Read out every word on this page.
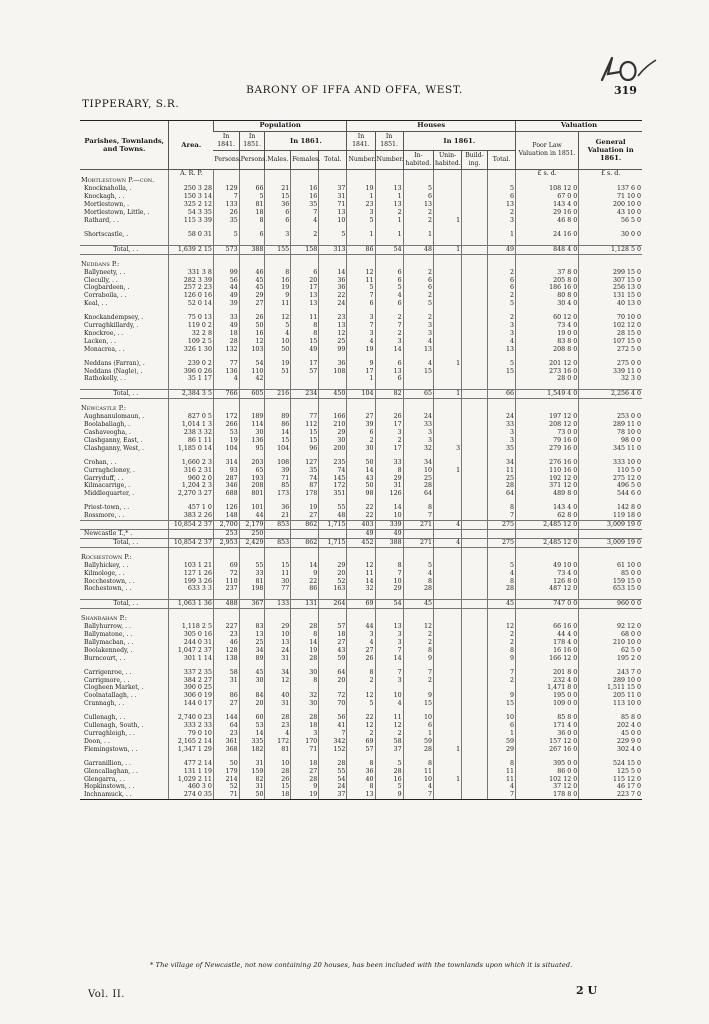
319
BARONY OF IFFA AND OFFA, WEST.
TIPPERARY, S.R.
Parishes, Townlands, and Towns.	Area.	Population					Houses						Valuation	
		In 1841.	In 1851.	In 1861.			In 1841.	In 1851.	In 1861.				Poor Law Valuation in 1851.	General Valuation in 1861.
		Persons.	Persons.	Males.	Females.	Total.	Number.	Number.	In- habited.	Unin- habited.	Build- ing.	Total.		
	A. R. P.												£ s. d.	£ s. d.
Mortlestown P.—con.														
Knocknaholla, .	250 3 28	129	66	21	16	37	19	13	5			5	108 12 0	137 6 0
Knockagh, . .	150 3 14	7	5	15	16	31	1	1	6			6	67 0 0	71 10 0
Mortlestown, .	325 2 12	133	81	36	35	71	23	13	13			13	143 4 0	200 10 0
Mortlestown, Little, .	54 3 35	26	18	6	7	13	3	2	2			2	29 16 0	43 10 0
Rathard, . .	115 3 39	35	8	6	4	10	5	1	2	1		3	46 8 0	56 5 0

Shortscastle, .	58 0 31	5	6	3	2	5	1	1	1			1	24 16 0	30 0 0

Total, . .	1,639 2 15	573	388	155	158	313	86	54	48	1		49	848 4 0	1,128 5 0

Neddans P.:														
Ballyneety, . .	331 3 8	99	46	8	6	14	12	6	2			2	37 8 0	299 15 0
Clecully, . .	282 3 39	56	45	16	20	36	11	6	6			6	205 8 0	307 15 0
Clogbardeen, .	257 2 23	44	45	19	17	36	5	5	6			6	186 16 0	256 13 0
Corraboila, . .	126 0 16	49	29	9	13	22	7	4	2			2	80 8 0	131 15 0
Keal, . .	52 0 14	39	27	11	13	24	6	6	5			5	30 4 0	40 13 0

Knockandempsey, .	75 0 13	33	26	12	11	23	3	2	2			2	60 12 0	70 10 0
Curraghkillardy, .	119 0 2	49	50	5	8	13	7	7	3			3	73 4 0	102 12 0
Knockroe, . .	32 2 8	18	16	4	8	12	3	2	3			3	19 0 0	28 15 0
Lacken, . .	109 2 5	28	12	10	15	25	4	3	4			4	83 8 0	107 15 0
Monacrea, . .	326 1 30	132	103	50	49	99	19	14	13			13	208 8 0	272 5 0

Neddans (Farran), .	239 0 2	77	54	19	17	36	9	6	4	1		5	201 12 0	275 0 0
Neddans (Nagle), .	396 0 26	136	110	51	57	108	17	13	15			15	273 16 0	339 11 0
Rathokelly, . .	35 1 17	4	42				1	6					28 0 0	32 3 0

Total, . .	2,384 3 5	766	605	216	234	450	104	82	65	1		66	1,549 4 0	2,256 4 0

Newcastle P.:														
Aughnanulomaun, .	827 0 5	172	189	89	77	166	27	26	24			24	197 12 0	253 0 0
Boolabaliagh, .	1,014 1 3	266	114	86	112	210	39	17	33			33	208 12 0	289 11 0
Cashaveogha, .	238 3 32	53	30	14	15	29	6	3	3			3	73 0 0	78 10 0
Clashganny, East, .	86 1 11	19	136	15	15	30	2	2	3			3	79 16 0	98 0 0
Clashganny, West, .	1,185 0 14	104	95	104	96	200	30	17	32	3		35	279 16 0	345 11 0

Crohan, . .	1,660 2 3	314	203	108	127	235	50	33	34			34	276 16 0	333 10 0
Curraghcloney, .	316 2 31	93	65	39	35	74	14	8	10	1		11	110 16 0	110 5 0
Garryduff, . .	960 2 0	287	193	71	74	145	43	29	25			25	192 12 0	275 12 0
Kilmacarrige, .	1,204 2 3	346	208	85	87	172	50	31	28			28	371 12 0	496 5 0
Middlequarter, .	2,270 3 27	688	801	173	178	351	98	126	64			64	489 8 0	544 6 0

Priest-town, . .	457 1 0	126	101	36	19	55	22	14	8			8	143 4 0	142 8 0
Rossmore, . .	383 2 26	148	44	21	27	48	22	10	7			7	62 8 0	119 18 0
	10,854 2 37	2,700	2,179	853	862	1,715	403	339	271	4		275	2,485 12 0	3,009 19 0
Newcastle T.,* .		253	250				49	49						
Total, . .	10,854 2 37	2,953	2,429	853	862	1,715	452	388	271	4		275	2,485 12 0	3,009 19 0

Rochestown P.:														
Ballyhickey, . .	103 1 21	69	55	15	14	29	12	8	5			5	49 10 0	61 10 0
Kilmologe, . .	127 1 26	72	33	11	9	20	11	7	4			4	73 4 0	85 0 0
Rocchestown, . .	199 3 26	110	81	30	22	52	14	10	8			8	126 8 0	159 15 0
Rochestown, . .	633 3 3	237	198	77	86	163	32	29	28			28	487 12 0	653 15 0

Total, . .	1,063 1 36	488	367	133	131	264	69	54	45			45	747 0 0	960 0 0

Shanrahan P.:														
Ballyhurrow, . .	1,118 2 5	227	83	29	28	57	44	13	12			12	66 16 0	92 12 0
Ballymatone, . .	305 0 16	23	13	10	8	18	3	3	2			2	44 4 0	68 0 0
Ballymacban, . .	244 0 31	46	25	13	14	27	4	3	2			2	178 4 0	210 10 0
Boolakennedy, .	1,047 2 37	128	34	24	19	43	27	7	8			8	16 16 0	62 5 0
Burncourt, . .	301 1 14	138	89	31	28	59	26	14	9			9	166 12 0	195 2 0

Carrigenroe, . .	337 2 35	58	45	34	30	64	8	7	7			7	201 8 0	243 7 0
Carrigmore, . .	384 2 27	31	30	12	8	20	2	3	2			2	232 4 0	289 10 0
Clogheen Market, .	390 0 25												1,471 8 0	1,511 15 0
Coolnatallagh, . .	306 0 19	86	84	40	32	72	12	10	9			9	195 0 0	205 11 0
Crannagh, . .	144 0 17	27	20	31	30	70	5	4	15			15	109 0 0	113 10 0

Cullenagh, . .	2,740 0 23	144	60	28	28	56	22	11	10			10	85 8 0	85 8 0
Cullenagh, South, .	333 2 33	64	53	23	18	41	12	12	6			6	171 4 0	202 4 0
Curraghleigh, . .	79 0 10	23	14	4	3	7	2	2	1			1	36 0 0	45 0 0
Doon, . .	2,165 2 14	361	335	172	170	342	69	58	59			59	157 12 0	229 9 0
Flemingstown, . .	1,347 1 29	368	182	81	71	152	57	37	28	1		29	267 16 0	302 4 0

Garranillion, . .	477 2 14	50	31	10	18	28	8	5	8			8	395 0 0	524 15 0
Glencallaghan, . .	131 1 19	179	159	28	27	55	36	28	11			11	86 0 0	125 5 0
Glengarra, . .	1,029 2 11	214	82	26	28	54	40	16	10	1		11	102 12 0	115 12 0
Hopkinstown, . .	460 3 0	52	31	15	9	24	8	5	4			4	37 12 0	46 17 0
Inchnamuck, . .	274 0 35	71	50	18	19	37	13	9	7			7	178 8 0	223 7 0
* The village of Newcastle, not now containing 20 houses, has been included with the townlands upon which it is situated.
Vol. II.	2 U
